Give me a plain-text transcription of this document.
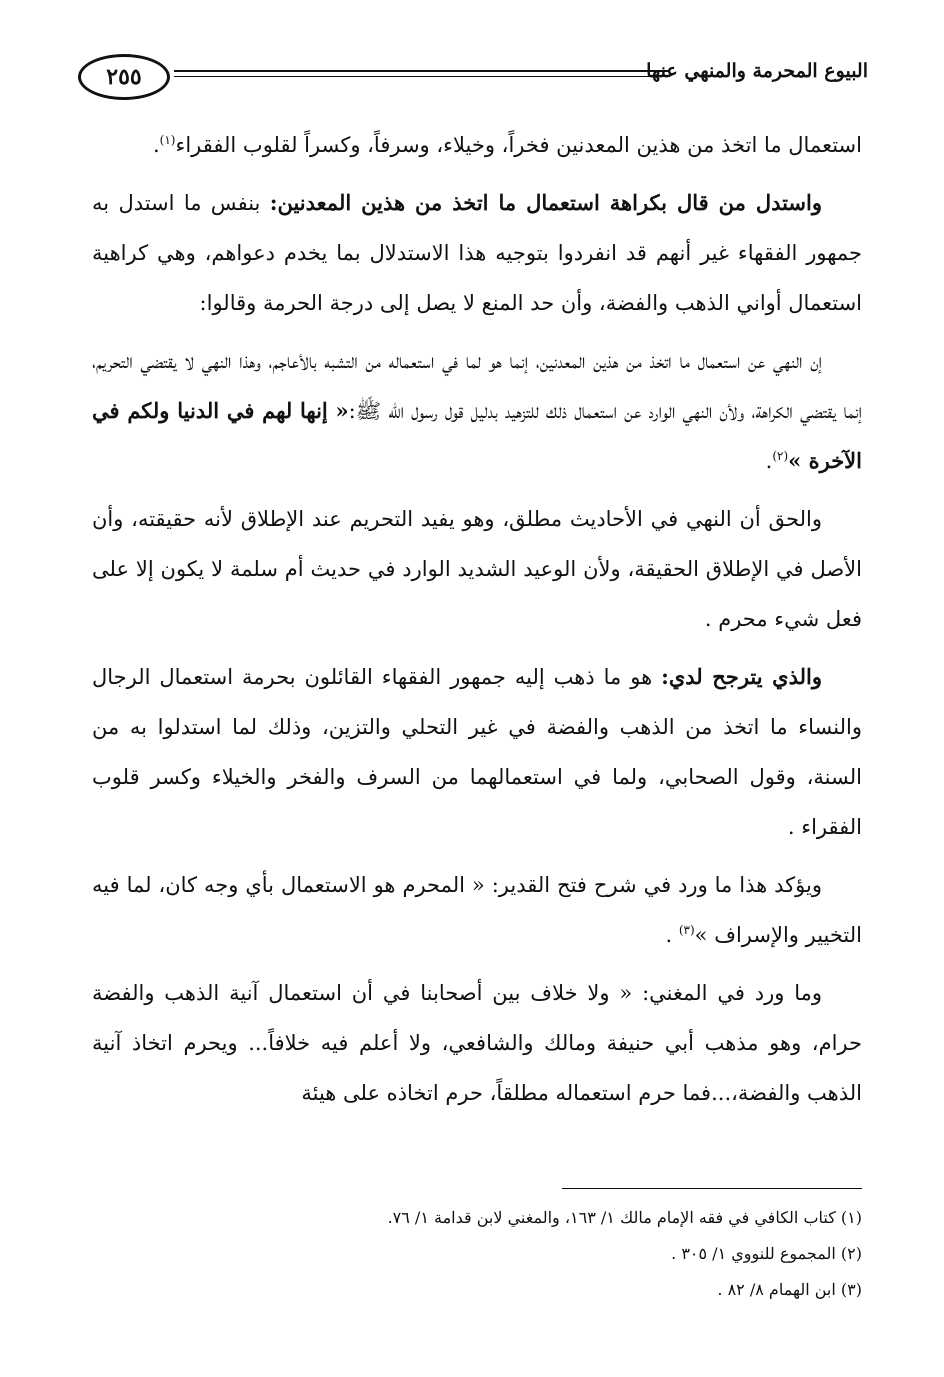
٢٥٥	البيوع المحرمة والمنهي عنها

استعمال ما اتخذ من هذين المعدنين فخراً، وخيلاء، وسرفاً، وكسراً لقلوب الفقراء$^{(١)}$.

واستدل من قال بكراهة استعمال ما اتخذ من هذين المعدنين: بنفس ما استدل به جمهور الفقهاء غير أنهم قد انفردوا بتوجيه هذا الاستدلال بما يخدم دعواهم، وهي كراهية استعمال أواني الذهب والفضة، وأن حد المنع لا يصل إلى درجة الحرمة وقالوا:

إن النهي عن استعمال ما اتخذ من هذين المعدنين، إنما هو لما في استعماله من التشبه بالأعاجم، وهذا النهي لا يقتضي التحريم، إنما يقتضي الكراهة، ولأن النهي الوارد عن استعمال ذلك للتزهيد بدليل قول رسول الله ﷺ:« إنها لهم في الدنيا ولكم في الآخرة »$^{(٢)}$.

والحق أن النهي في الأحاديث مطلق، وهو يفيد التحريم عند الإطلاق لأنه حقيقته، وأن الأصل في الإطلاق الحقيقة، ولأن الوعيد الشديد الوارد في حديث أم سلمة لا يكون إلا على فعل شيء محرم .

والذي يترجح لدي: هو ما ذهب إليه جمهور الفقهاء القائلون بحرمة استعمال الرجال والنساء ما اتخذ من الذهب والفضة في غير التحلي والتزين، وذلك لما استدلوا به من السنة، وقول الصحابي، ولما في استعمالهما من السرف والفخر والخيلاء وكسر قلوب الفقراء .

ويؤكد هذا ما ورد في شرح فتح القدير: « المحرم هو الاستعمال بأي وجه كان، لما فيه التخيير والإسراف »$^{(٣)}$ .

وما ورد في المغني: « ولا خلاف بين أصحابنا في أن استعمال آنية الذهب والفضة حرام، وهو مذهب أبي حنيفة ومالك والشافعي، ولا أعلم فيه خلافاً... ويحرم اتخاذ آنية الذهب والفضة،...فما حرم استعماله مطلقاً، حرم اتخاذه على هيئة

(١) كتاب الكافي في فقه الإمام مالك ١/ ١٦٣، والمغني لابن قدامة ١/ ٧٦.

(٢) المجموع للنووي ١/ ٣٠٥ .

(٣) ابن الهمام ٨/ ٨٢ .
